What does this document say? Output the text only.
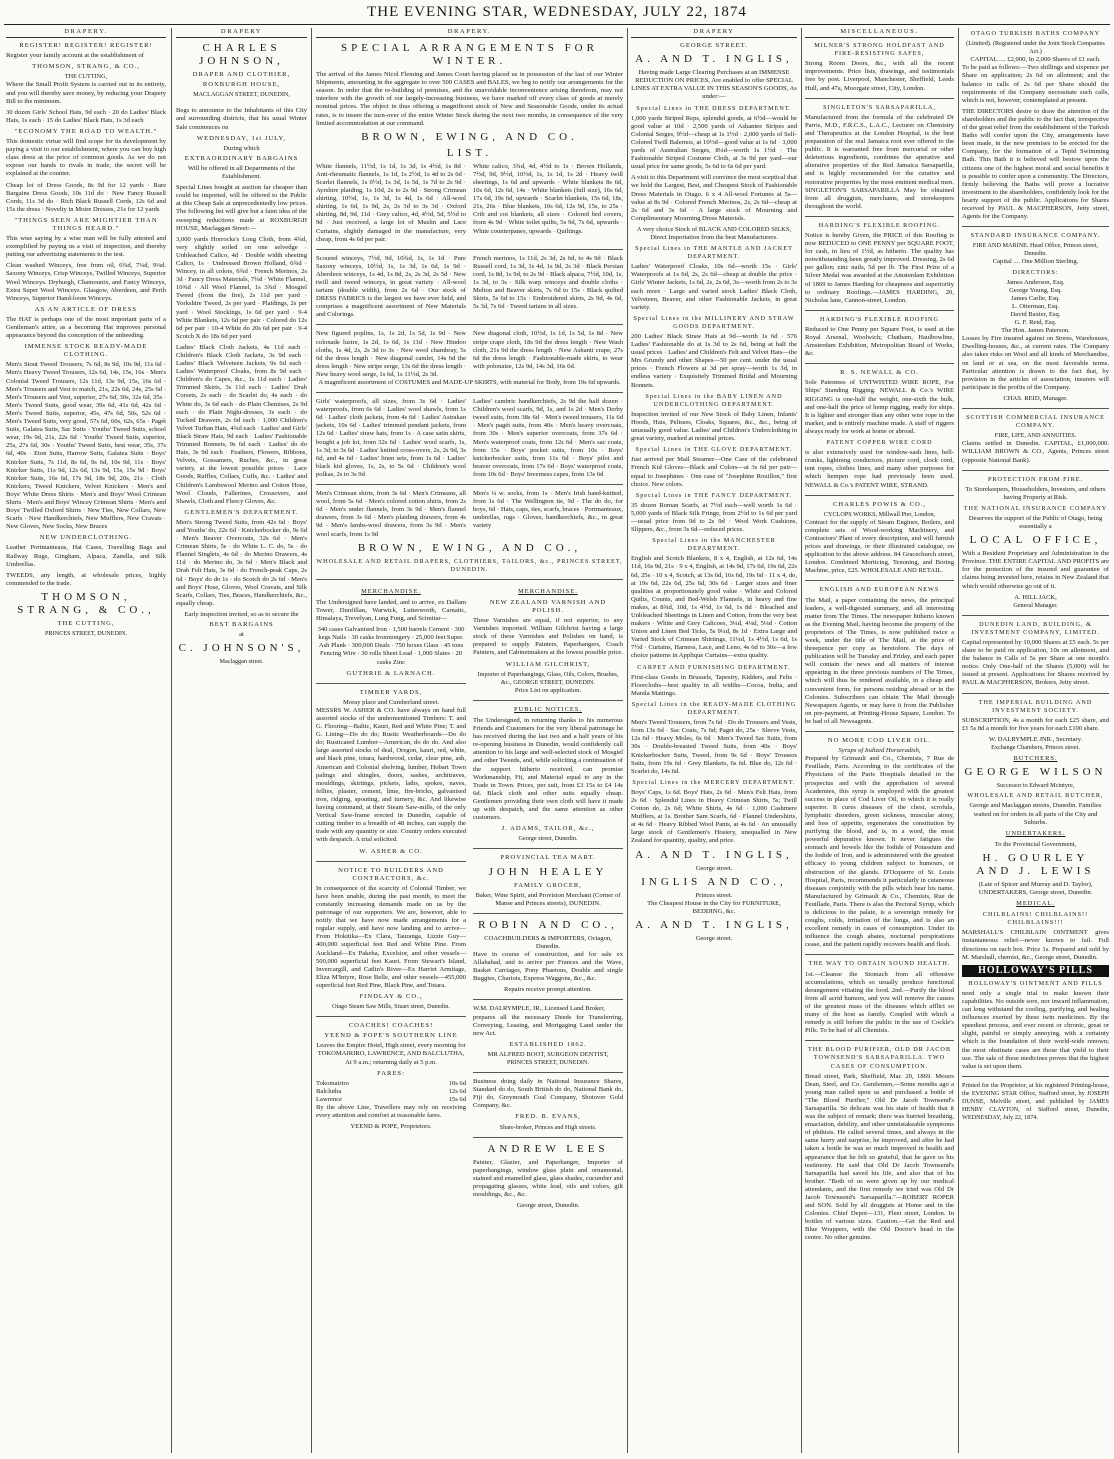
THE EVENING STAR, WEDNESDAY, JULY 22, 1874
DRAPERY.
REGISTER! REGISTER! REGISTER!
Register your family account at the establishment of
THOMSON, STRANG, & CO.,
THE CUTTING,
Where the Small Profit System is carried out in its entirety, and you will thereby save money, by reducing your Drapery Bill to the minimum.
30 dozen Girls' School Hats, 9d each · 20 do Ladies' Black Hats, 1s each · 15 do Ladies' Black Hats, 1s 3d each
"ECONOMY THE ROAD TO WEALTH."
This domestic virtue will find scope for its development by paying a visit to our establishment, where you can buy high class dress at the price of common goods. As we do not expose our hands to rivals in trade, the secret will be explained at the counter.
Cheap lot of Dress Goods, 8s 9d for 12 yards · Rare Bargains Dress Goods, 10s 11d do · New Fancy Russell Cords, 11s 3d do · Rich Black Russell Cords, 12s 6d and 15s the dress · Novelty in Moire Dresses, 21s for 12 yards
"THINGS SEEN ARE MIGHTIER THAN THINGS HEARD."
This wise saying by a wise man will be fully attested and exemplified by paying us a visit of inspection, and thereby putting our advertising statements to the test.
Clean washed Winceys, free from oil, 6¾d, 7¼d, 9¼d. Saxony Winceys, Crisp Winceys, Twilled Winceys, Superior Wool Winceys. Dryburgh, Chamounix, and Fancy Winceys, Extra Super Wool Winceys. Glasgow, Aberdeen, and Perth Winceys, Superior Hand-loom Winceys.
AS AN ARTICLE OF DRESS
The HAT is perhaps one of the most important parts of a Gentleman's attire, as a becoming Hat improves personal appearance beyond the conception of the unheeding.
IMMENSE STOCK READY-MADE CLOTHING.
Men's Stout Tweed Trousers, 7s 6d, 8s 9d, 10s 9d, 11s 6d · Men's Heavy Tweed Trousers, 12s 6d, 14s, 15s, 16s · Men's Colonial Tweed Trousers, 12s 11d, 13s 9d, 15s, 16s 6d · Men's Trousers and Vest to match, 21s, 22s 6d, 24s, 25s 6d · Men's Trousers and Vest, superior, 27s 6d, 30s, 32s 6d, 35s · Men's Tweed Suits, good wear, 39s 6d, 41s 6d, 42s 6d · Men's Tweed Suits, superior, 45s, 47s 6d, 50s, 52s 6d · Men's Tweed Suits, very good, 57s 6d, 60s, 62s, 65s · Pagét Suits, Galatea Suits, Sac Suits · Youths' Tweed Suits, school wear, 19s 9d, 21s, 22s 6d · Youths' Tweed Suits, superior, 25s, 27s 6d, 30s · Youths' Tweed Suits, best wear, 35s, 37s 6d, 40s · Eton Suits, Harrow Suits, Galatea Suits · Boys' Knicker Suits, 7s 11d, 8s 6d, 9s 6d, 10s 9d, 11s · Boys' Knicker Suits, 11s 9d, 12s 6d, 13s 9d, 15s, 15s 9d · Boys' Knicker Suits, 16s 6d, 17s 9d, 18s 9d, 20s, 21s · Cloth Knickers, Tweed Knickers, Velvet Knickers · Men's and Boys' White Dress Shirts · Men's and Boys' Wool Crimean Shirts · Men's and Boys' Wincey Crimean Shirts · Men's and Boys' Twilled Oxford Shirts · New Ties, New Collars, New Scarfs · New Handkerchiefs, New Mufflers, New Cravats · New Gloves, New Socks, New Braces
NEW UNDERCLOTHING.
Leather Portmanteaus, Hat Cases, Travelling Bags and Railway Rugs, Gingham, Alpaca, Zanella, and Silk Umbrellas.
TWEEDS, any length, at wholesale prices, highly commended to the trade.
THOMSON, STRANG, & CO.,
THE CUTTING,
PRINCES STREET, DUNEDIN.
DRAPERY
CHARLES JOHNSON,
DRAPER AND CLOTHIER,
ROXBURGH HOUSE,
MACLAGGAN STREET, DUNEDIN,
Begs to announce to the Inhabitants of this City and surrounding districts, that his usual Winter Sale commences on
WEDNESDAY, 1st JULY,
During which
EXTRAORDINARY BARGAINS
Will be offered in all Departments of the Establishment.
Special Lines bought at auction far cheaper than could be imported, will be offered to the Public at this Cheap Sale at unprecedentedly low prices. The following list will give but a faint idea of the sweeping reductions made at ROXBURGH HOUSE, Maclaggan Street:—
3,000 yards Horrocks's Long Cloth, from 4¾d, very slightly soiled on one selvedge · Unbleached Calico, 4d · Double width sheeting Calico, 1s · Undressed Brown Holland, 6¾d · Wincey, in all colors, 6¾d · French Merinos, 2s 3d · Fancy Dress Materials, 7¾d · White Flannel, 10¾d · All Wool Flannel, 1s 3¾d · Mosgiel Tweed (from the fire), 2s 11d per yard · Yorkshire Tweed, 2s per yard · Plaidings, 2s per yard · Wool Stockings, 1s 6d per yard · 9-4 White Blankets, 12s 6d per pair · Colored do 12s 6d per pair · 10-4 White do 20s 6d per pair · 9-4 Scotch X do 18s 6d per yard
Ladies' Black Cloth Jackets, 4s 11d each · Children's Black Cloth Jackets, 3s 9d each · Ladies' Black Velveteen Jackets, 9s 6d each · Ladies' Waterproof Cloaks, from 8s 9d each · Children's do Capes, &c., 1s 11d each · Ladies' Trimmed Skirts, 3s 11d each · Ladies' Drab Corsets, 2s each · do Scarlet do, 4s each · do White do, 3s 6d each · do Plain Chemises, 2s 9d each · do Plain Night-dresses, 3s each · do Tucked Drawers, 2s 6d each · 1,000 Children's Velvet Turban Hats, 4¾d each · Ladies' and Girls' Black Straw Hats, 9d each · Ladies' Fashionable Trimmed Bonnets, 9s 6d each · Ladies' do do Hats, 3s 9d each · Feathers, Flowers, Ribbons, Velvets, Gossamers, Ruches, &c., in great variety, at the lowest possible prices · Lace Goods, Ruffles, Collars, Cuffs, &c. · Ladies' and Children's Lambswool Merino and Cotton Hose, Wool Clouds, Fallerines, Crossovers, and Shawls, Cloth and Fleecy Gloves, &c.
GENTLEMEN'S DEPARTMENT.
Men's Strong Tweed Suits, from 42s 6d · Boys' and Youths' do, 22s 6d · Knickerbocker do, 9s 6d · Men's Beaver Overcoats, 32s 6d · Men's Crimean Shirts, 5s · do White L. C. do, 5s · do Flannel Singlets, 4s 6d · do Merino Drawers, 4s 11d · do Merino do, 3s 6d · Men's Black and Drab Felt Hats, 3s 6d · do French-peak Caps, 2s 6d · Boys' do do 1s · do Scotch do 2s 6d · Men's and Boys' Hose, Gloves, Wool Cravats, and Silk Scarfs, Collars, Ties, Braces, Handkerchiefs, &c., equally cheap.
Early inspection invited, so as to secure the
BEST BARGAINS
at
C. JOHNSON'S,
Maclaggan street.
DRAPERY.
SPECIAL ARRANGEMENTS FOR WINTER.
The arrival of the James Nicol Fleming and James Court having placed us in possession of the last of our Winter Shipments, amounting in the aggregate to over 500 CASES and BALES, we beg to notify our arrangements for the season. In order that the re-building of premises, and the unavoidable inconvenience arising therefrom, may not interfere with the growth of our largely-increasing business, we have marked off every class of goods at merely nominal prices. The object in thus offering a magnificent stock of New and Seasonable Goods, under its actual rates, is to insure the turn-over of the entire Winter Stock during the next two months, in consequence of the very limited accommodation at our command.
BROWN, EWING, AND CO.
LIST.
White flannels, 11½d, 1s 1d, 1s 3d, 1s 4½d, 1s 8d · Anti-rheumatic flannels, 1s 1d, 1s 2½d, 1s 4d to 2s 6d · Scarlet flannels, 1s 0½d, 1s 3d, 1s 5d, 1s 7d to 2s 9d · Ayrshire plaiding, 1s 10d, 2s to 2s 9d · Strong Crimean shirting, 10½d, 1s, 1s 3d, 1s 4d, 1s 6d · All-wool shirting, 1s 6d, 1s 9d, 2s, 2s 3d to 3s 3d · Oxford shirting, 8d, 9d, 11d · Grey calico, 4d, 4½d, 5d, 5½d to 9d · Just received, a large lot of Muslin and Lace Curtains, slightly damaged in the manufacture, very cheap, from 4s 6d per pair.
White calico, 3¾d, 4d, 4½d to 1s · Brown Hollands, 7½d, 9d, 9½d, 10½d, 1s, 1s 1d, 1s 2d · Heavy twill sheetings, 1s 6d and upwards · White blankets 8s 6d, 10s 6d, 12s 6d, 14s · White blankets (full size), 16s 6d, 17s 6d, 19s 6d, upwards · Scarlet blankets, 15s 6d, 18s, 21s, 26s · Blue blankets, 10s 6d, 12s 9d, 15s, to 25s · Crib and cot blankets, all sizes · Colored bed covers, from 4s 9d · White toilet quilts, 5s 9d, 7s 6d, upwards · White counterpanes, upwards · Quiltings.
Scoured winceys, 7½d, 9d, 10¾d, 1s, 1s 1d · Pure Saxony winceys, 10½d, 1s, 1s 3d, 1s 6d, 1s 9d · Aberdeen winceys, 1s 4d, 1s 8d, 2s, 2s 3d, 2s 5d · New twill and tweed winceys, in great variety · All-wool tartans (double width), from 2s 6d · Our stock of DRESS FABRICS is the largest we have ever held, and comprises a magnificent assortment of New Materials and Colorings.
French merinos, 1s 11d, 2s 3d, 2s 6d, to 4s 9d · Black Russell cord, 1s 3d, 1s 4d, 1s 9d, 2s 3d · Black Persian cord, 1s 8d, 1s 9d, to 2s 9d · Black alpaca, 7½d, 10d, 1s, 1s 3d, to 3s · Silk warp winceys and double cloths · Melton and Beaver skirts, 7s 6d to 15s · Black quilted Skirts, 5s 6d to 15s · Embroidered skirts, 2s 9d, 4s 6d, 5s 3d, 7s 6d · Tweed tartans in all sizes.
New figured poplins, 1s, 1s 2d, 1s 5d, 1s 9d · New colonade lustre, 1s 2d, 1s 6d, 1s 11d · New Hindoo cloths, 1s 4d, 2s, 2s 3d to 3s · New wool chambray, 5s 6d the dress length · New diagonal camlet, 14s 6d the dress length · New stripe serge, 13s 6d the dress length · New heavy wool serge, 1s 6d, 1s 11½d, 2s 3d.
New diagonal cloth, 10½d, 1s 1d, 1s 5d, 1s 8d · New stripe crape cloth, 18s 9d the dress length · New Wash cloth, 21s 9d the dress length · New Ashanti crape, 27s 6d the dress length · Fashionable-made skirts, to wear with polonaise, 12s 9d, 14s 3d, 16s 6d.
A magnificent assortment of COSTUMES and MADE-UP SKIRTS, with material for Body, from 19s 6d upwards.
Girls' waterproofs, all sizes, from 3s 6d · Ladies' waterproofs, from 6s 6d · Ladies' wool shawls, from 1s 6d · Ladies' cloth jackets, from 4s 6d · Ladies' Astrakan jackets, 10s 6d · Ladies' trimmed pendant jackets, from 12s 6d · Ladies' straw hats, from 1s · A case satin skirts, bought a job lot, from 32s 6d · Ladies' wool scarfs, 1s, 1s 3d, to 3s 6d · Ladies' knitted cross-overs, 2s, 2s 9d, 3s 6d, and 4s 6d · Ladies' linen sets, from 1s 6d · Ladies' black kid gloves, 1s, 2s, to 5s 6d · Children's wool polkas, 2s to 3s 9d
Ladies' cambric handkerchiefs, 2s 9d the half dozen · Children's wool scarfs, 9d, 1s, and 1s 2d · Men's Derby tweed suits, from 38s 6d · Men's tweed trousers, 11s 6d · Men's pagét suits, from 40s · Men's heavy overcoats, from 30s · Men's superior overcoats, from 37s 6d · Men's waterproof coats, from 12s 6d · Men's sac coats, from 15s · Boys' pocket suits, from 10s · Boys' knickerbocker suits, from 11s 6d · Boys' pilot and beaver overcoats, from 17s 6d · Boys' waterproof coats, from 10s 6d · Boys' Inverness capes, from 13s 6d
Men's Crimean shirts, from 3s 6d · Men's Crimeans, all wool, from 5s 6d · Men's colored cotton shirts, from 2s 6d · Men's under flannels, from 3s 9d · Men's flannel drawers, from 3s 6d · Men's plaiding drawers, from 4s 9d · Men's lambs-wool drawers, from 3s 9d · Men's wool scarfs, from 1s 9d
Men's ¼ w. socks, from 1s · Men's Irish hand-knitted, from 1s 6d · The Wellington tie, 9d · The do do, for boys, 6d · Hats, caps, ties, scarfs, braces · Portmanteaux, umbrellas, rugs · Gloves, handkerchiefs, &c., in great variety
BROWN, EWING, AND CO.,
WHOLESALE AND RETAIL DRAPERS, CLOTHIERS, TAILORS, &c., PRINCES STREET, DUNEDIN.
MERCHANDISE.
The Undersigned have landed, and to arrive, ex Dallam Tower, Dunfillan, Warwick, Lutterworth, Carnatic, Himalaya, Trevelyan, Lung Fung, and Scimitar—
340 cases Galvanised Iron · 1,500 barrels Cement · 300 kegs Nails · 30 casks Ironmongery · 25,000 feet Super. Ash Plank · 300,000 Deals · 750 boxes Glass · 45 tons Fencing Wire · 30 rolls Sheet Lead · 1,000 Slates · 20 casks Zinc
GUTHRIE & LARNACH.
TIMBER YARDS,
Moray place and Cumberland street.
MESSRS W. ASHER & CO. have always on hand full assorted stocks of the undermentioned Timbers: T. and G. Flooring—Baltic, Kauri, Red and White Pine; T. and G. Lining—Do do do; Rustic Weatherboards—Do do do; Rusticated Lumber—American, do do do. And also large assorted stocks of deal, Oregon, kauri, red, white, and black pine, totara, hardwood, cedar, clear pine, ash, American and Colonial shelving, lumber, Hobart Town palings and shingles, doors, sashes, architraves, mouldings, skirtings, pickets, laths, spokes, naves, fellies, plaster, cement, lime, fire-bricks, galvanised iron, ridging, spouting, and turnery, &c. And likewise having command, at their Steam Saw-mills, of the only Vertical Saw-frame erected in Dunedin, capable of cutting timber to a breadth of 48 inches, can supply the trade with any quantity or size. Country orders executed with despatch. A trial solicited.
W. ASHER & CO.
NOTICE TO BUILDERS AND CONTRACTORS, &c.
In consequence of the scarcity of Colonial Timber, we have been unable, during the past month, to meet the constantly increasing demands made on us by the patronage of our supporters. We are, however, able to notify that we have now made arrangements for a regular supply, and have now landing and to arrive— From Hokitika—Ex Clara, Tauranga, Lizzie Guy—400,000 superficial feet Red and White Pine. From Auckland—Ex Pakeha, Excelsior, and other vessels—500,000 superficial feet Kauri. From Stewart's Island, Invercargill, and Catlin's River—Ex Harriet Armitage, Eliza M'Intyre, Rose Belle, and other vessels—455,000 superficial feet Red Pine, Black Pine, and Totara.
FINDLAY & CO.,
Otago Steam Saw Mills, Stuart street, Dunedin.
COACHES! COACHES!
YEEND & POPE'S SOUTHERN LINE
Leaves the Empire Hotel, High street, every morning for TOKOMAIRIRO, LAWRENCE, AND BALCLUTHA, At 9 a.m.; returning daily at 5 p.m.
FARES:
Tokomairiro	10s 6d
Balclutha	12s 6d
Lawrence	15s 6d
By the above Line, Travellers may rely on receiving every attention and comfort at reasonable fares.
YEEND & POPE, Proprietors.
MERCHANDISE.
NEW ZEALAND VARNISH AND POLISH.
These Varnishes are equal, if not superior, to any Varnishes imported. William Gilchrist having a large stock of these Varnishes and Polishes on hand, is prepared to supply Painters, Paperhangers, Coach Painters, and Cabinetmakers at the lowest possible price.
WILLIAM GILCHRIST,
Importer of Paperhangings, Glass, Oils, Colors, Brushes, &c., GEORGE STREET, DUNEDIN.
Price List on application.
PUBLIC NOTICES.
The Undersigned, in returning thanks to his numerous Friends and Customers for the very liberal patronage he has received during the last two and a half years of his re-opening business in Dunedin, would confidently call attention to his large and well-selected stock of Mosgiel and other Tweeds, and, while soliciting a continuation of the support hitherto received, can promise Workmanship, Fit, and Material equal to any in the Trade in Town. Prices, per suit, from £3 15s to £4 14s 6d. Black cloth and other suits equally cheap. Gentlemen providing their own cloth will have it made up with despatch, and the same attention as other customers.
J. ADAMS, TAILOR, &c.,
George street, Dunedin.
PROVINCIAL TEA MART.
JOHN HEALEY
FAMILY GROCER,
Baker, Wine Spirit, and Provision Merchant (Corner of Manse and Princes streets), DUNEDIN.
ROBIN AND CO.,
COACHBUILDERS & IMPORTERS, Octagon, Dunedin.
Have in course of construction, and for sale ex Allahabad, and to arrive per Frances and the Wave, Basket Carriages, Pony Phaetons, Double and single Buggies, Chariots, Express Waggons, &c., &c.
Repairs receive prompt attention.
W.M. DALRYMPLE, JR., Licensed Land Broker,
prepares all the necessary Deeds for Transferring, Conveying, Leasing, and Mortgaging Land under the new Act.
ESTABLISHED 1862.
MR ALFRED BOOT, SURGEON DENTIST,
PRINCES STREET, DUNEDIN.
Business doing daily in National Insurance Shares, Standard do do, South British do do, National Bank do, Fiji do, Greymouth Coal Company, Shotover Gold Company, &c.
FRED. B. EVANS,
Share-broker, Princes and High streets.
ANDREW LEES
Painter, Glazier, and Paperhanger, Importer of paperhangings, window glass plain and ornamental, stained and enamelled glass, glass shades, cucumber and propagating glasses, white lead, oils and colors, gilt mouldings, &c., &c.
George street, Dunedin.
DRAPERY
GEORGE STREET.
A. AND T. INGLIS,
Having made Large Clearing Purchases at an IMMENSE REDUCTION ON PRICES, Are enabled to offer SPECIAL LINES AT EXTRA VALUE IN THIS SEASON'S GOODS, As under:—
Special Lines in THE DRESS DEPARTMENT.
1,000 yards Striped Reps, splendid goods, at 6½d—would be good value at 10d · 2,500 yards of Ashantee Stripes and Colonial Serges, 9½d—cheap at 1s 1½d · 2,000 yards of Self-Colored Twill Balernos, at 10½d—good value at 1s 6d · 3,000 yards of Australian Serges, 8¼d—worth 1s 1½d · The Fashionable Striped Costume Cloth, at 3s 9d per yard—our usual price for same goods, 5s 6d to 6s 6d per yard.
A visit to this Department will convince the most sceptical that we hold the Largest, Best, and Cheapest Stock of Fashionable Dress Materials in Otago. 6 x 4 All-wool Fortunes at 5s—value at 8s 9d · Colored French Merinos, 2s, 2s 6d—cheap at 2s 6d and 3s 6d · A large stock of Mourning and Complimentary Mourning Dress Materials.
A very choice Stock of BLACK AND COLORED SILKS, Direct Importation from the best Manufacturers.
Special Lines in THE MANTLE AND JACKET DEPARTMENT.
Ladies' Waterproof Cloaks, 10s 6d—worth 15s · Girls' Waterproofs at 1s 6d, 2s, 2s 6d—cheap at double the price · Girls' Winter Jackets, 1s 6d, 2s, 2s 6d, 3s—worth from 2s to 3s each more · Large and varied stock Ladies' Black Cloth, Velveteen, Beaver, and other Fashionable Jackets, in great variety.
Special Lines in the MILLINERY AND STRAW GOODS DEPARTMENT.
200 Ladies' Black Straw Hats at 9d—worth 1s 6d · 576 Ladies' Fashionable do at 1s 3d to 2s 6d, being at half the usual prices · Ladies' and Children's Felt and Velvet Hats—the Mrs Grundy and other Shapes—50 per cent. under the usual prices · French Flowers at 3d per spray—worth 1s 3d, in endless variety · Exquisitely Trimmed Bridal and Mourning Bonnets.
Special Lines in the BABY LINEN AND UNDERCLOTHING DEPARTMENT.
Inspection invited of our New Stock of Baby Linen, Infants' Hoods, Hats, Pelisses, Cloaks, Squares, &c., &c., being of unusually good value. Ladies' and Children's Underclothing in great variety, marked at nominal prices.
Special Lines in THE GLOVE DEPARTMENT.
Just arrived per Mail Steamer—One Case of the celebrated French Kid Gloves—Black and Colors—at 3s 6d per pair—equal to Josephines · One case of "Josephine Rouillon," first choice. New colors.
Special Lines in THE FANCY DEPARTMENT.
35 dozen Roman Scarfs, at 7½d each—well worth 1s 6d · 5,000 yards of Black Silk Fringe, from 2½d to 1s 6d per yard—usual price from 9d to 2s 9d · Wool Work Cushions, Slippers, &c., from 3s 6d—reduced prices.
Special Lines in the MANCHESTER DEPARTMENT.
English and Scotch Blankets, 8 x 4, English, at 12s 6d, 14s 11d, 16s 9d, 21s · 9 x 4, English, at 14s 9d, 17s 6d, 19s 6d, 22s 6d, 25s · 10 x 4, Scotch, at 13s 6d, 16s 6d, 19s 6d · 11 x 4, do, at 19s 6d, 22s 6d, 25s 6d, 30s 6d · Larger sizes and finer qualities at proportionately good value · White and Colored Quilts, Counts, and Bed-Welsh Flannels, in heavy and fine makes, at 8¾d, 10d, 1s 4½d, 1s 6d, 1s 8d · Bleached and Unbleached Sheetings in Linen and Cotton, from the very best makers · White and Grey Calicoes, 3¼d, 4¼d, 5¼d · Cotton Union and Linen Bed Ticks, 5s 9¼d, 8s 1d · Extra Large and Varied Stock of Crimean Shirtings, 11¼d, 1s 4½d, 1s 6d, 1s 7½d · Curtains, Harness, Lace, and Leno, 4s 6d to 30s—a few choice patterns in Applique Curtains—extra quality.
CARPET AND FURNISHING DEPARTMENT.
First-class Goods in Brussels, Tapestry, Kidders, and Felts · Floorcloths—best quality in all widths—Cocoa, India, and Manila Mattings.
Special Lines in the READY-MADE CLOTHING DEPARTMENT.
Men's Tweed Trousers, from 7s 6d · Do do Trousers and Vests, from 13s 6d · Sac Coats, 7s 6d; Paget do, 25s · Sleeve Vests, 12s 6d · Heavy Moles, 6s 6d · Men's Tweed Sac Suits, from 30s · Double-breasted Tweed Suits, from 40s · Boys' Knickerbocker Suits, Tweed, from 9s 6d · Boys' Trousers Suits, from 19s 6d · Grey Blankets, 6s 6d. Blue do, 12s 6d · Scarlet do, 14s 6d.
Special Lines in the MERCERY DEPARTMENT.
Boys' Caps, 1s 6d. Boys' Hats, 2s 6d · Men's Felt Hats, from 2s 6d · Splendid Lines in Heavy Crimean Shirts, 5s; Twill Cotton do, 2s 6d; White Shirts, 4s 6d · 1,000 Cashmere Mufflers, at 1s. Brother Sam Scarfs, 6d · Flannel Undershirts, at 4s 6d · Heavy Ribbed Wool Pants, at 4s 6d · An unusually large stock of Gentlemen's Hosiery, unequalled in New Zealand for quantity, quality, and price.
A. AND T. INGLIS,
George street.
INGLIS AND CO.,
Princes street.
The Cheapest House in the City for FURNITURE, BEDDING, &c.
A. AND T. INGLIS,
George street.
MISCELLANEOUS.
MILNER'S STRONG HOLDFAST AND FIRE-RESISTING SAFES,
Strong Room Doors, &c., with all the recent improvements. Price lists, drawings, and testimonials free by post. Liverpool, Manchester, Sheffield, Leeds Hull, and 47a, Moorgate street, City, London.
SINGLETON'S SARSAPARILLA,
Manufactured from the formula of the celebrated Dr Parris, M.D., F.R.C.S., L.A.C., Lecturer on Chemistry and Therapeutics at the London Hospital, is the best preparation of the real Jamaica root ever offered to the public. It is warranted free from mercurial or other deleterious ingredients, combines the aperative and alterative properties of the Red Jamaica Sarsaparilla, and is highly recommended for the curative and restorative properties by the most eminent medical men. SINGLETON'S SARSAPARILLA May be obtained from all druggists, merchants, and storekeepers throughout the world.
HARDING'S FLEXIBLE ROOFING.
Notice is hereby Given, the PRICE of this Roofing is now REDUCED to ONE PENNY per SQUARE FOOT, for cash, in lieu of 1½d, as hitherto. The quality has notwithstanding been greatly improved. Dressing, 2s 6d per gallon; zinc nails, 5d per lb. The First Prize of a Silver Medal was awarded at the Amsterdam Exhibition of 1869 to James Harding for cheapness and superiority to ordinary Roofings.—JAMES HARDING, 20, Nicholas lane, Cannon-street, London.
HARDING'S FLEXIBLE ROOFING
Reduced to One Penny per Square Foot, is used at the Royal Arsenal, Woolwich; Chatham, Haulbowline, Amsterdam Exhibition, Metropolitan Board of Works, &c.
R. S. NEWALL & CO.
Sole Patentees of UNTWISTED WIRE ROPE, For Ships' Standing Rigging. NEWALL & Co.'s WIRE RIGGING is one-half the weight, one-sixth the bulk, and one-half the price of hemp rigging, ready for ships. It is lighter and stronger than any other wire rope in the market, and is entirely machine made. A staff of riggers always ready for work at home or abroad.
PATENT COPPER WIRE CORD
is also extensively used for window-sash lines, bell-cranks, lightning conductors, picture cord, clock cord, tent ropes, clothes lines, and many other purposes for which hempen rope had previously been used. NEWALL & Co.'s PATENT WIRE, STRAND.
CHARLES POWIS & CO.,
CYCLOPS WORKS, Millwall Pier, London,
Contract for the supply of Steam Engines, Boilers, and complete sets of Wood-working Machinery, and Contractors' Plant of every description, and will furnish prices and drawings, or their illustrated catalogue, on application to the above address. 84 Gracechurch street, London. Combined Morticing, Tenoning, and Boring Machine, price, £25. WHOLESALE AND RETAIL.
ENGLISH AND EUROPEAN NEWS
The Mail, a paper containing the news, the principal leaders, a well-digested summary, and all interesting matter from The Times. The newspaper hitherto known as the Evening Mail, having become the property of the proprietors of The Times, is now published twice a week, under the title of The Mail, at the price of threepence per copy as heretofore. The days of publication will be Tuesday and Friday, and each paper will contain the news and all matters of interest appearing in the three previous numbers of The Times, which will thus be rendered available, in a cheap and convenient form, for persons residing abroad or in the Colonies. Subscribers can obtain The Mail through Newspapers Agents, or may have it from the Publisher on pre-payment, at Printing-House Square, London. To be had of all Newsagents.
NO MORE COD LIVER OIL.
Syrups of Iodized Horseradish,
Prepared by Grimault and Co., Chemists, 7 Rue de Feuillade, Paris. According to the certificates of the Physicians of the Paris Hospitals detailed in the prospectus and with the approbation of several Academies, this syrup is employed with the greatest success in place of Cod Liver Oil, to which it is really superior. It cures diseases of the chest, scrofula, lymphatic disorders, green sickness, muscular atony, and loss of appetite, regenerates the constitution by purifying the blood, and is, in a word, the most powerful depurative known. It never fatigues the stomach and bowels like the Iodide of Potassium and the Iodide of Iron, and is administered with the greatest efficacy to young children subject to humours, or obstruction of the glands. D'Ocquerre of St. Louis Hospital, Paris, recommends it particularly in cutaneous diseases conjointly with the pills which bear his name. Manufactured by Grimault & Co., Chemists, Rue de Feuillade, Paris. There is also the Pectoral Syrup, which is delicious to the palate, is a sovereign remedy for coughs, colds, irritation of the lungs, and is also an excellent remedy in cases of consumption. Under its influence the cough abates, nocturnal perspirations cease, and the patient rapidly recovers health and flesh.
THE WAY TO OBTAIN SOUND HEALTH.
1st.—Cleanse the Stomach from all offensive accumulations, which so usually produce functional derangement vitiating the food. 2nd.—Purify the blood from all acrid humors, and you will remove the causes of the greatest mass of the diseases which afflict so many of the host as family. Coupled with which a remedy is still before the public in the use of Cockle's Pills. To be had of all Chemists.
THE BLOOD PURIFIER, OLD DR JACOB TOWNSEND'S SARSAPARILLA. TWO CASES OF CONSUMPTION.
Bread street, Park, Sheffield, Mar. 20, 1869. Messrs Dean, Steel, and Co. Gentlemen,—Some months ago a young man called upon us and purchased a bottle of "The Blood Purifier," Old Dr Jacob Townsend's Sarsaparilla. So delicate was his state of health that it was the subject of remark; there was hurried breathing, emaciation, debility, and other unmistakeable symptoms of phthisis. He called several times, and always in the same hurry and surprise, he improved, and after he had taken a bottle he was so much improved in health and appearance that he felt so grateful, that he gave us his testimony. He said that Old Dr Jacob Townsend's Sarsaparilla had saved his life, and also that of his brother. "Both of us were given up by our medical attendants, and the first remedy we tried was Old Dr Jacob Townsend's Sarsaparilla."—ROBERT ROPER and SON. Sold by all druggists at Home and in the Colonies. Chief Depot—131, Fleet street, London. In bottles of various sizes. Caution.—Get the Red and Blue Wrappers, with the Old Doctor's head in the centre. No other genuine.
OTAGO TURKISH BATHS COMPANY
(Limited). (Registered under the Joint Stock Companies Act.)
CAPITAL .... £2,000, In 2,000 Shares of £1 each.
To be paid as follows:—Two shillings and sixpence per Share on application; 2s 6d on allotment; and the balance in calls of 2s 6d per Share should the requirements of the Company necessitate such calls, which is not, however, contemplated at present.
THE DIRECTORS desire to draw the attention of the shareholders and the public to the fact that, irrespective of the great relief from the establishment of the Turkish Baths will confer upon the City, arrangements have been made, in the new premises to be erected for the Company, for the formation of a Tepid Swimming Bath. This Bath it is believed will bestow upon the citizens one of the highest moral and social benefits it is possible to confer upon a community. The Directors, firmly believing the Baths will prove a lucrative investment to the shareholders, confidently look for the hearty support of the public. Applications for Shares received by PAUL & MACPHERSON, Jetty street, Agents for the Company.
STANDARD INSURANCE COMPANY.
FIRE AND MARINE. Head Office, Princes street, Dunedin.
Capital .... One Million Sterling.
DIRECTORS:
James Anderson, Esq.
George Young, Esq.
James Carlie, Esq.
L. Otterman, Esq.
David Baxter, Esq.
G. F. Reid, Esq.
The Hon. James Paterson.
Losses by Fire insured against on Stores, Warehouses, Dwelling-houses, &c., at current rates. The Company also takes risks on Wool and all kinds of Merchandise, on land or at sea, on the most favorable terms. Particular attention is drawn to the fact that, by provision in the articles of association, insurers will participate in the profits of the Company.
CHAS. REID, Manager.
SCOTTISH COMMERCIAL INSURANCE COMPANY.
FIRE, LIFE, AND ANNUITIES.
Claims settled in Dunedin. CAPITAL, £1,000,000. WILLIAM BROWN & CO., Agents, Princes street (opposite National Bank).
PROTECTION FROM FIRE.
To Storekeepers, Householders, Investors, and others having Property at Risk.
THE NATIONAL INSURANCE COMPANY
Deserves the support of the Public of Otago, being essentially a
LOCAL OFFICE,
With a Resident Proprietary and Administration in the Province. THE ENTIRE CAPITAL AND PROFITS are for the protection of the insured and guarantee of claims being invested here, retains in New Zealand that which would otherwise go out of it.
A. HILL JACK,
General Manager.
DUNEDIN LAND, BUILDING, & INVESTMENT COMPANY, LIMITED.
Capital represented by 10,000 Shares at £5 each. 5s per share to be paid on application, 10s on allotment, and the balance in Calls of 5s per Share at one month's notice. Only One-half of the Shares (5,000) will be issued at present. Applications for Shares received by PAUL & MACPHERSON, Brokers, Jetty street.
THE IMPERIAL BUILDING AND INVESTMENT SOCIETY.
SUBSCRIPTION, 4s a month for each £25 share, and £1 5s 8d a month for five years for each £100 share.
W. DALRYMPLE JNR., Secretary.
Exchange Chambers, Princes street.
BUTCHERS.
GEORGE WILSON
Successor to Edward Mcintyre,
WHOLESALE AND RETAIL BUTCHER,
George and Maclaggan streets, Dunedin. Families waited on for orders in all parts of the City and Suburbs.
UNDERTAKERS.
To the Provincial Government,
H. GOURLEY AND J. LEWIS
(Late of Spicer and Murray and D. Taylor), UNDERTAKERS, George street, Dunedin.
MEDICAL.
CHILBLAINS! CHILBLAINS!! CHILBLAINS!!!
MARSHALL'S CHILBLAIN OINTMENT gives instantaneous relief—never known to fail. Full directions on each box. Price 1s. Prepared and sold by M. Marshall, chemist, &c., George street, Dunedin.
HOLLOWAY'S PILLS
HOLLOWAY'S OINTMENT AND PILLS
need only a single trial to make known their capabilities. No outside sore, nor inward inflammation, can long withstand the cooling, purifying, and healing influences exerted by these twin medicines. By the speediest process, and ever recent or chronic, great or slight, painful or simply annoying, with a certainty which is the foundation of their world-wide renown; the most obstinate cases are those that yield to their use. The sale of these medicines proves that the highest value is set upon them.
Printed for the Proprietor, at his registered Printing-house, the EVENING STAR Office, Stafford street, by JOSEPH DUNNE, Melville street, and published by JAMES HENRY CLAYTON, of Stafford street, Dunedin, WEDNESDAY, July 22, 1874.
